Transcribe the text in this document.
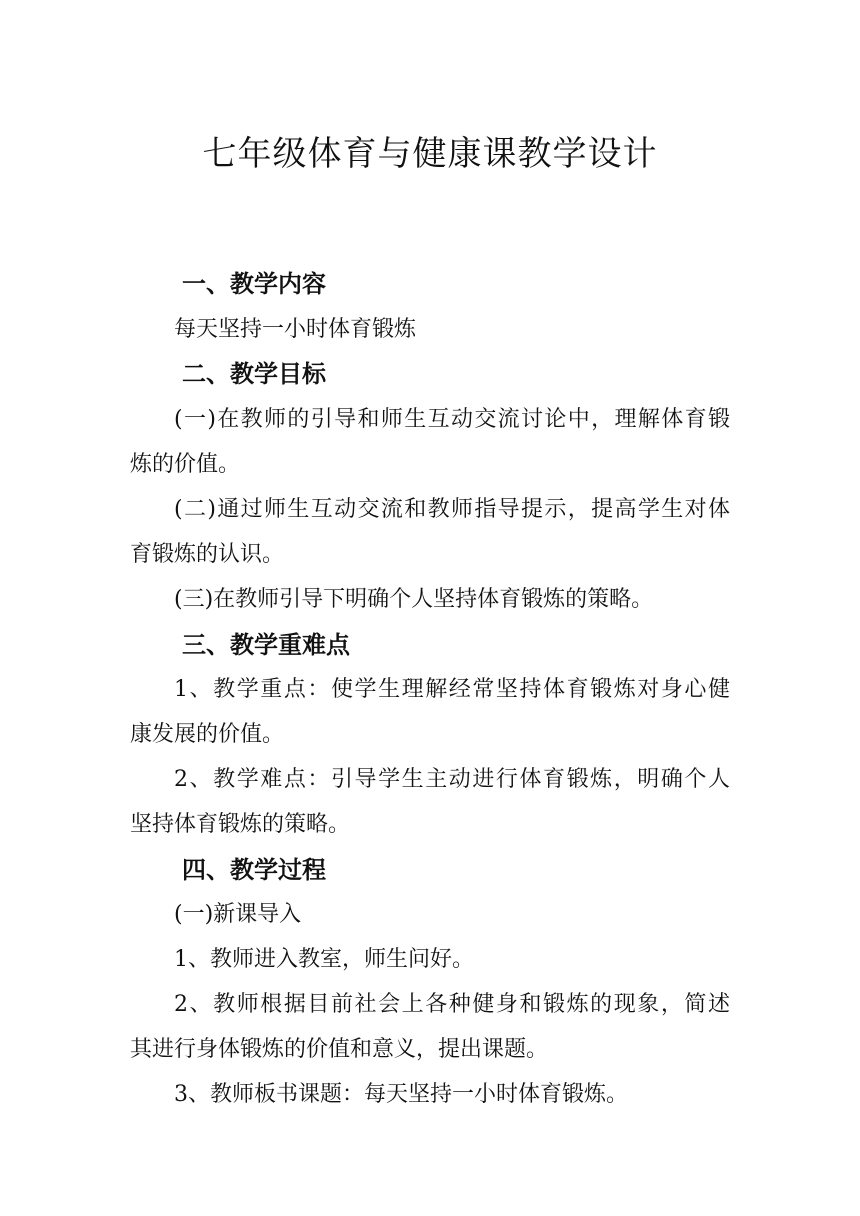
七年级体育与健康课教学设计
一、教学内容
每天坚持一小时体育锻炼
二、教学目标
(一)在教师的引导和师生互动交流讨论中，理解体育锻
炼的价值。
(二)通过师生互动交流和教师指导提示，提高学生对体
育锻炼的认识。
(三)在教师引导下明确个人坚持体育锻炼的策略。
三、教学重难点
1、教学重点：使学生理解经常坚持体育锻炼对身心健
康发展的价值。
2、教学难点：引导学生主动进行体育锻炼，明确个人
坚持体育锻炼的策略。
四、教学过程
(一)新课导入
1、教师进入教室，师生问好。
2、教师根据目前社会上各种健身和锻炼的现象，简述
其进行身体锻炼的价值和意义，提出课题。
3、教师板书课题：每天坚持一小时体育锻炼。
